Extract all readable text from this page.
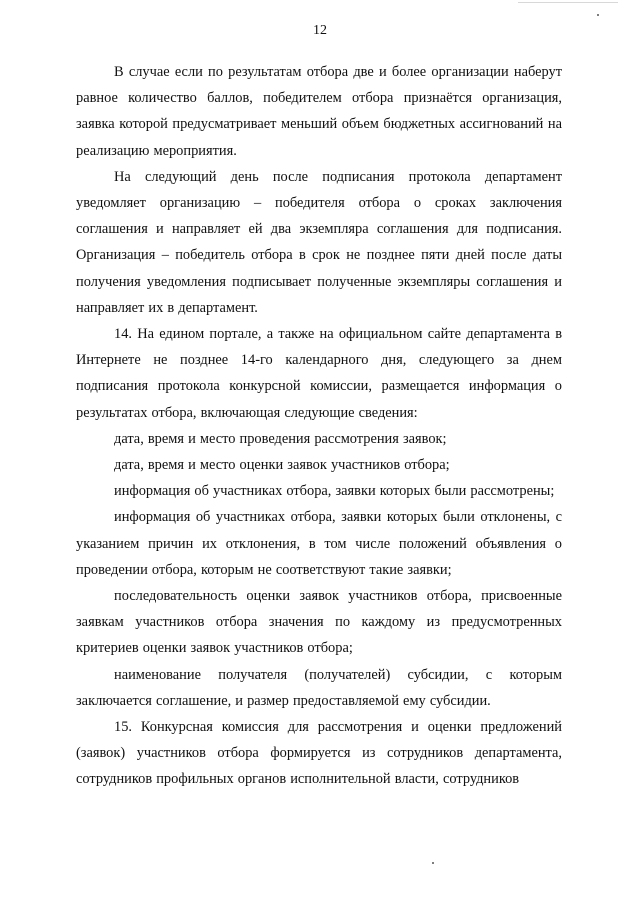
12

В случае если по результатам отбора две и более организации наберут равное количество баллов, победителем отбора признаётся организация, заявка которой предусматривает меньший объем бюджетных ассигнований на реализацию мероприятия.

На следующий день после подписания протокола департамент уведомляет организацию – победителя отбора о сроках заключения соглашения и направляет ей два экземпляра соглашения для подписания. Организация – победитель отбора в срок не позднее пяти дней после даты получения уведомления подписывает полученные экземпляры соглашения и направляет их в департамент.

14. На едином портале, а также на официальном сайте департамента в Интернете не позднее 14-го календарного дня, следующего за днем подписания протокола конкурсной комиссии, размещается информация о результатах отбора, включающая следующие сведения:

дата, время и место проведения рассмотрения заявок;

дата, время и место оценки заявок участников отбора;

информация об участниках отбора, заявки которых были рассмотрены;

информация об участниках отбора, заявки которых были отклонены, с указанием причин их отклонения, в том числе положений объявления о проведении отбора, которым не соответствуют такие заявки;

последовательность оценки заявок участников отбора, присвоенные заявкам участников отбора значения по каждому из предусмотренных критериев оценки заявок участников отбора;

наименование получателя (получателей) субсидии, с которым заключается соглашение, и размер предоставляемой ему субсидии.

15. Конкурсная комиссия для рассмотрения и оценки предложений (заявок) участников отбора формируется из сотрудников департамента, сотрудников профильных органов исполнительной власти, сотрудников
